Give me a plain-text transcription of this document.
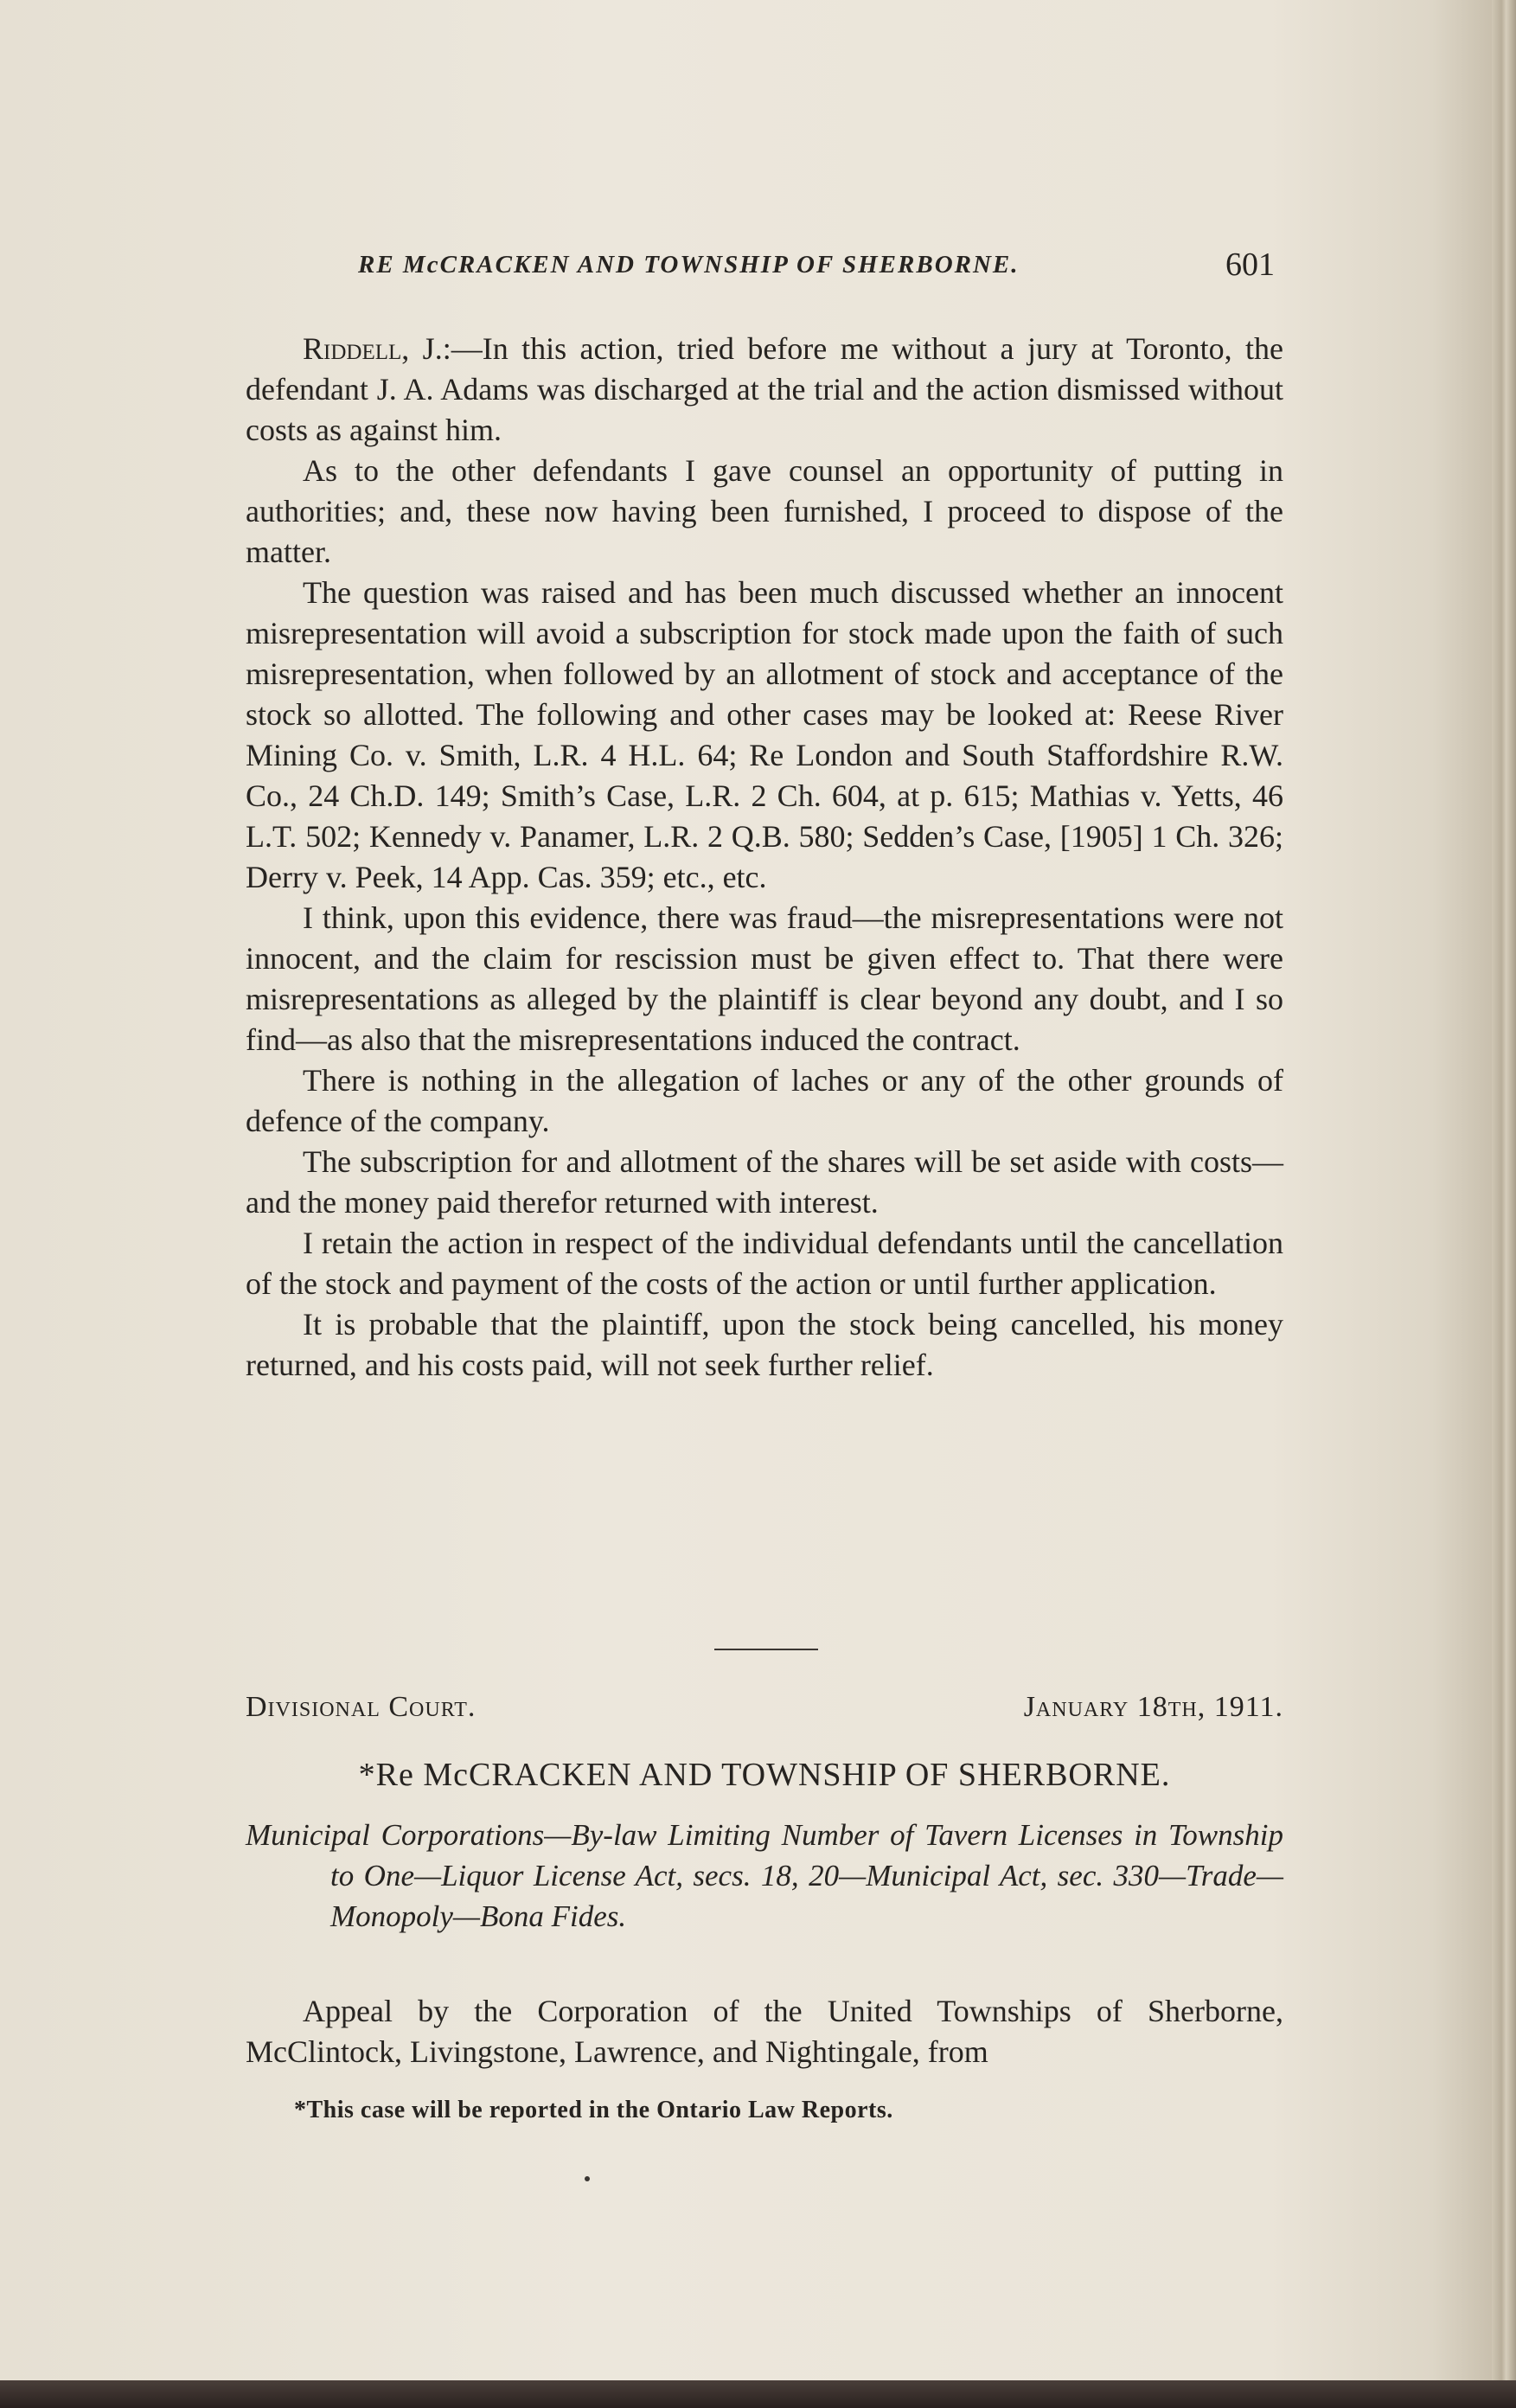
RE McCRACKEN AND TOWNSHIP OF SHERBORNE.	601

Riddell, J.:—In this action, tried before me without a jury at Toronto, the defendant J. A. Adams was discharged at the trial and the action dismissed without costs as against him.

As to the other defendants I gave counsel an opportunity of putting in authorities; and, these now having been furnished, I proceed to dispose of the matter.

The question was raised and has been much discussed whether an innocent misrepresentation will avoid a subscription for stock made upon the faith of such misrepresentation, when followed by an allotment of stock and acceptance of the stock so allotted. The following and other cases may be looked at: Reese River Mining Co. v. Smith, L.R. 4 H.L. 64; Re London and South Staffordshire R.W. Co., 24 Ch.D. 149; Smith’s Case, L.R. 2 Ch. 604, at p. 615; Mathias v. Yetts, 46 L.T. 502; Kennedy v. Panamer, L.R. 2 Q.B. 580; Sedden’s Case, [1905] 1 Ch. 326; Derry v. Peek, 14 App. Cas. 359; etc., etc.

I think, upon this evidence, there was fraud—the misrepresentations were not innocent, and the claim for rescission must be given effect to. That there were misrepresentations as alleged by the plaintiff is clear beyond any doubt, and I so find—as also that the misrepresentations induced the contract.

There is nothing in the allegation of laches or any of the other grounds of defence of the company.

The subscription for and allotment of the shares will be set aside with costs—and the money paid therefor returned with interest.

I retain the action in respect of the individual defendants until the cancellation of the stock and payment of the costs of the action or until further application.

It is probable that the plaintiff, upon the stock being cancelled, his money returned, and his costs paid, will not seek further relief.

Divisional Court.	January 18th, 1911.
*Re McCRACKEN AND TOWNSHIP OF SHERBORNE.
Municipal Corporations—By-law Limiting Number of Tavern Licenses in Township to One—Liquor License Act, secs. 18, 20—Municipal Act, sec. 330—Trade—Monopoly—Bona Fides.

Appeal by the Corporation of the United Townships of Sherborne, McClintock, Livingstone, Lawrence, and Nightingale, from

*This case will be reported in the Ontario Law Reports.
